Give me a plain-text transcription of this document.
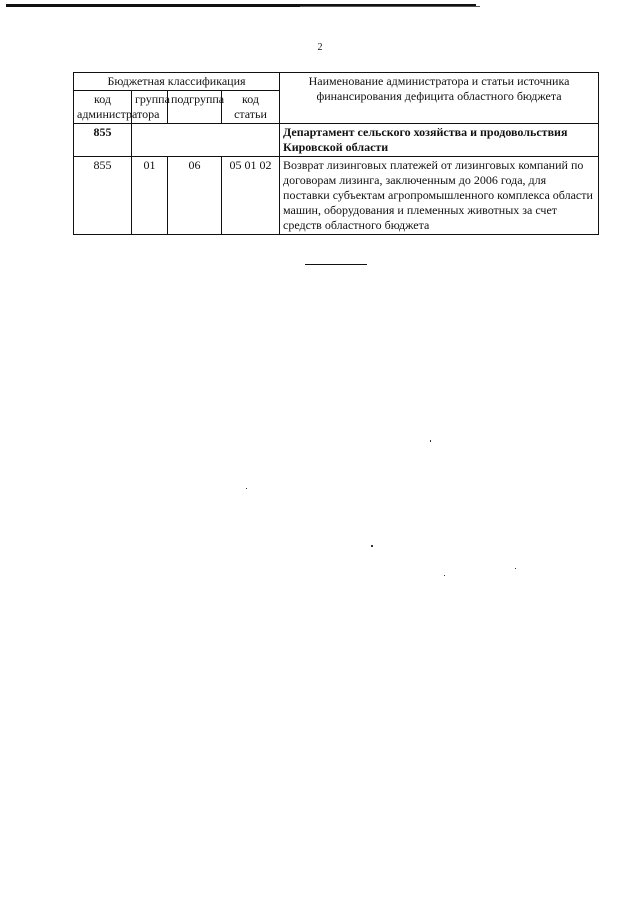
2
Бюджетная классификация				Наименование администратора и статьи источника финансирования дефицита областного бюджета
код администратора	группа	подгруппа	код статьи	
855				Департамент сельского хозяйства и продовольствия Кировской области
855	01	06	05 01 02	Возврат лизинговых платежей от лизинговых компаний по договорам лизинга, заключенным до 2006 года, для поставки субъектам агропромышленного комплекса области машин, оборудования и племенных животных за счет средств областного бюджета
